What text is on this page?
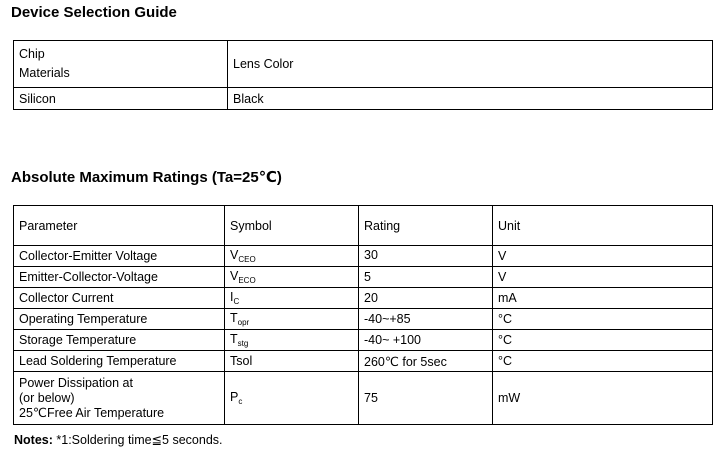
Device Selection Guide
Chip
Materials	Lens Color
Silicon	Black
Absolute Maximum Ratings (Ta=25℃)
Parameter	Symbol	Rating	Unit
Collector-Emitter Voltage	$V_{CEO}$	30	V
Emitter-Collector-Voltage	$V_{ECO}$	5	V
Collector Current	$I_C$	20	mA
Operating Temperature	$T_{opr}$	-40~+85	°C
Storage Temperature	$T_{stg}$	-40~ +100	°C
Lead Soldering Temperature	Tsol	260℃ for 5sec	°C

Power Dissipation at
(or below)
25℃Free Air Temperature	$P_c$	75	mW
Notes: *1:Soldering time≦5 seconds.
